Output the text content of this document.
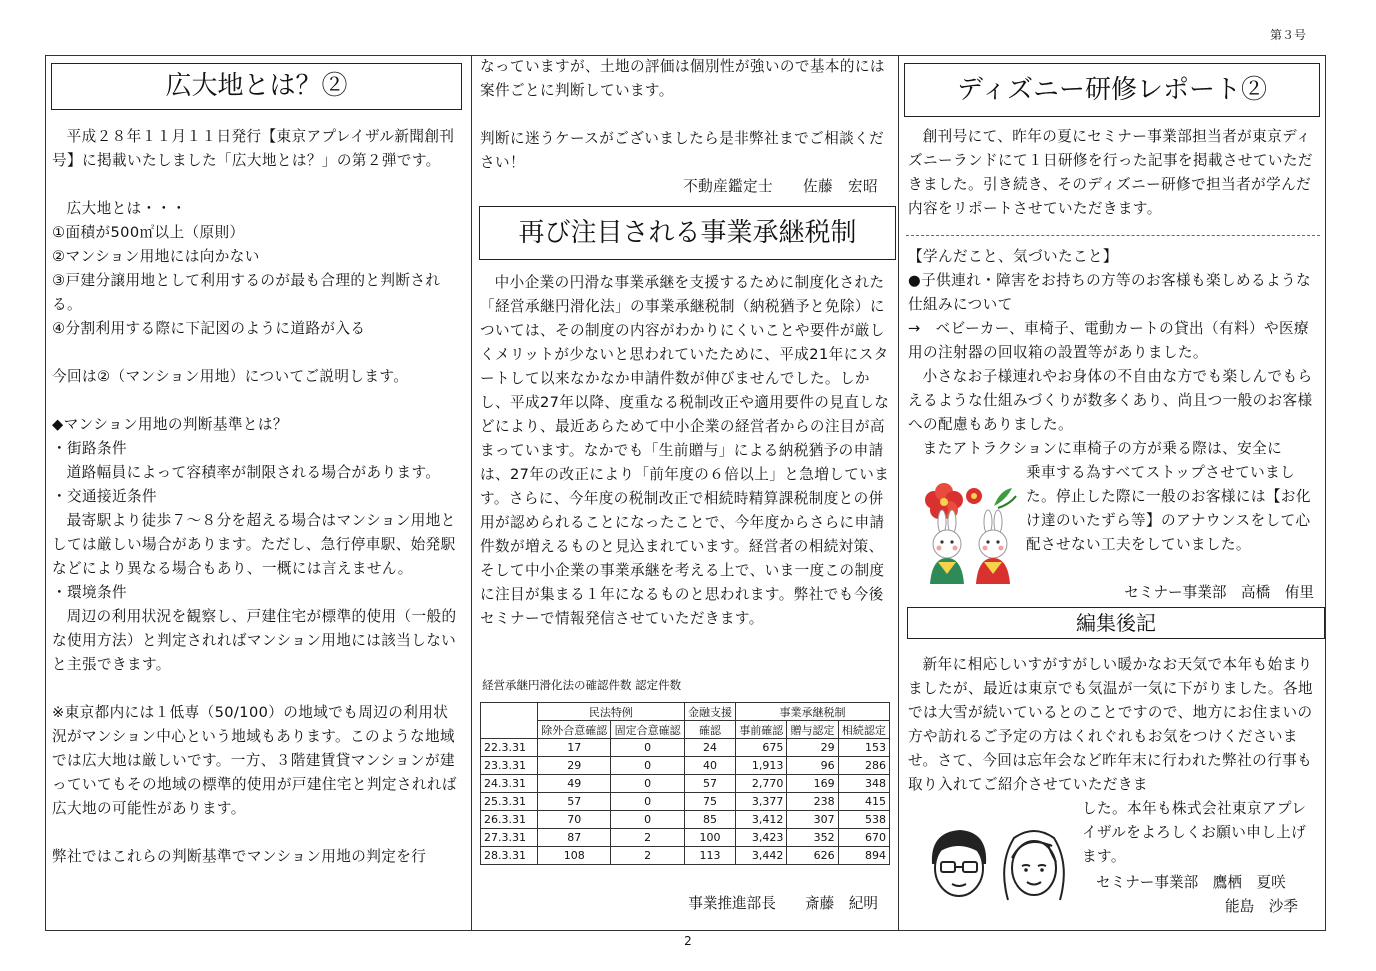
第３号
広大地とは？②

平成２８年１１月１１日発行【東京アプレイザル新聞創刊号】に掲載いたしました「広大地とは？」の第２弾です。

広大地とは・・・

①面積が500㎡以上（原則）

②マンション用地には向かない

③戸建分譲用地として利用するのが最も合理的と判断される。

④分割利用する際に下記図のように道路が入る

今回は②（マンション用地）についてご説明します。

◆マンション用地の判断基準とは？

・街路条件

道路幅員によって容積率が制限される場合があります。

・交通接近条件

最寄駅より徒歩７～８分を超える場合はマンション用地としては厳しい場合があります。ただし、急行停車駅、始発駅などにより異なる場合もあり、一概には言えません。

・環境条件

周辺の利用状況を観察し、戸建住宅が標準的使用（一般的な使用方法）と判定されればマンション用地には該当しないと主張できます。

※東京都内には１低専（50/100）の地域でも周辺の利用状況がマンション中心という地域もあります。このような地域では広大地は厳しいです。一方、３階建賃貸マンションが建っていてもその地域の標準的使用が戸建住宅と判定されれば広大地の可能性があります。

弊社ではこれらの判断基準でマンション用地の判定を行

なっていますが、土地の評価は個別性が強いので基本的には案件ごとに判断しています。

判断に迷うケースがございましたら是非弊社までご相談ください！

不動産鑑定士　　佐藤　宏昭

再び注目される事業承継税制

中小企業の円滑な事業承継を支援するために制度化された「経営承継円滑化法」の事業承継税制（納税猶予と免除）については、その制度の内容がわかりにくいことや要件が厳しくメリットが少ないと思われていたために、平成21年にスタートして以来なかなか申請件数が伸びませんでした。しかし、平成27年以降、度重なる税制改正や適用要件の見直しなどにより、最近あらためて中小企業の経営者からの注目が高まっています。なかでも「生前贈与」による納税猶予の申請は、27年の改正により「前年度の６倍以上」と急増しています。さらに、今年度の税制改正で相続時精算課税制度との併用が認められることになったことで、今年度からさらに申請件数が増えるものと見込まれています。経営者の相続対策、そして中小企業の事業承継を考える上で、いま一度この制度に注目が集まる１年になるものと思われます。弊社でも今後セミナーで情報発信させていただきます。

経営承継円滑化法の確認件数 認定件数
	民法特例		金融支援	事業承継税制		
	除外合意確認	固定合意確認	確認	事前確認	贈与認定	相続認定
22.3.31	17	0	24	675	29	153
23.3.31	29	0	40	1,913	96	286
24.3.31	49	0	57	2,770	169	348
25.3.31	57	0	75	3,377	238	415
26.3.31	70	0	85	3,412	307	538
27.3.31	87	2	100	3,423	352	670
28.3.31	108	2	113	3,442	626	894
事業推進部長　　斎藤　紀明
ディズニー研修レポート②

創刊号にて、昨年の夏にセミナー事業部担当者が東京ディズニーランドにて１日研修を行った記事を掲載させていただきました。引き続き、そのディズニー研修で担当者が学んだ内容をリポートさせていただきます。

【学んだこと、気づいたこと】

●子供連れ・障害をお持ちの方等のお客様も楽しめるような仕組みについて

→　ベビーカー、車椅子、電動カートの貸出（有料）や医療用の注射器の回収箱の設置等がありました。

小さなお子様連れやお身体の不自由な方でも楽しんでもらえるような仕組みづくりが数多くあり、尚且つ一般のお客様への配慮もありました。

またアトラクションに車椅子の方が乗る際は、安全に

乗車する為すべてストップさせていました。停止した際に一般のお客様には【お化け達のいたずら等】のアナウンスをして心配させない工夫をしていました。

セミナー事業部　高橋　侑里
編集後記

新年に相応しいすがすがしい暖かなお天気で本年も始まりましたが、最近は東京でも気温が一気に下がりました。各地では大雪が続いているとのことですので、地方にお住まいの方や訪れるご予定の方はくれぐれもお気をつけくださいませ。さて、今回は忘年会など昨年末に行われた弊社の行事も取り入れてご紹介させていただきま

した。本年も株式会社東京アプレイザルをよろしくお願い申し上げます。

セミナー事業部　鷹栖　夏咲
能島　沙季
2
